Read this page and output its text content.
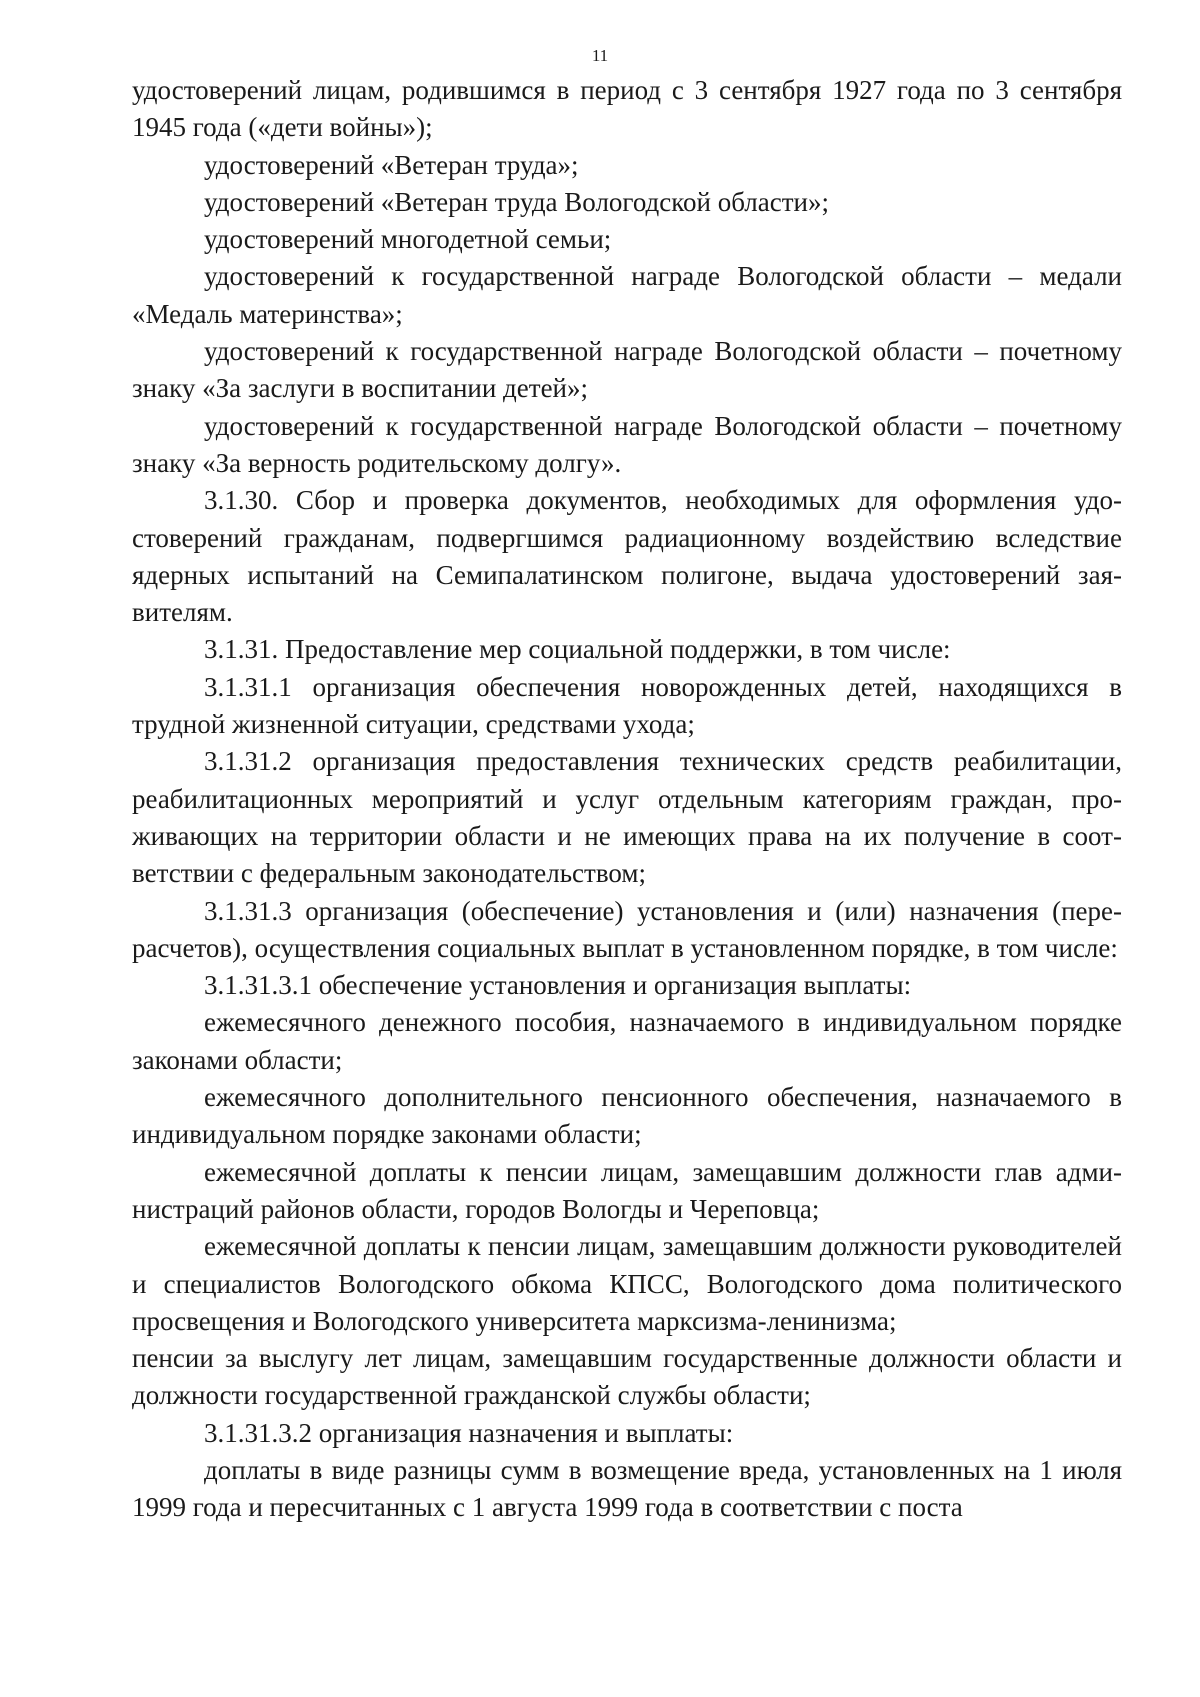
11

удостоверений лицам, родившимся в период с 3 сентября 1927 года по 3 сентября 1945 года («дети войны»);

удостоверений «Ветеран труда»;

удостоверений «Ветеран труда Вологодской области»;

удостоверений многодетной семьи;

удостоверений к государственной награде Вологодской области – медали «Медаль материнства»;

удостоверений к государственной награде Вологодской области – почетному знаку «За заслуги в воспитании детей»;

удостоверений к государственной награде Вологодской области – почетному знаку «За верность родительскому долгу».

3.1.30. Сбор и проверка документов, необходимых для оформления удостоверений гражданам, подвергшимся радиационному воздействию вследствие ядерных испытаний на Семипалатинском полигоне, выдача удостоверений заявителям.

3.1.31. Предоставление мер социальной поддержки, в том числе:

3.1.31.1 организация обеспечения новорожденных детей, находящихся в трудной жизненной ситуации, средствами ухода;

3.1.31.2 организация предоставления технических средств реабилитации, реабилитационных мероприятий и услуг отдельным категориям граждан, проживающих на территории области и не имеющих права на их получение в соответствии с федеральным законодательством;

3.1.31.3 организация (обеспечение) установления и (или) назначения (перерасчетов), осуществления социальных выплат в установленном порядке, в том числе:

3.1.31.3.1 обеспечение установления и организация выплаты:

ежемесячного денежного пособия, назначаемого в индивидуальном порядке законами области;

ежемесячного дополнительного пенсионного обеспечения, назначаемого в индивидуальном порядке законами области;

ежемесячной доплаты к пенсии лицам, замещавшим должности глав администраций районов области, городов Вологды и Череповца;

ежемесячной доплаты к пенсии лицам, замещавшим должности руководителей и специалистов Вологодского обкома КПСС, Вологодского дома политического просвещения и Вологодского университета марксизма-ленинизма;

пенсии за выслугу лет лицам, замещавшим государственные должности области и должности государственной гражданской службы области;

3.1.31.3.2 организация назначения и выплаты:

доплаты в виде разницы сумм в возмещение вреда, установленных на 1 июля 1999 года и пересчитанных с 1 августа 1999 года в соответствии с поста
